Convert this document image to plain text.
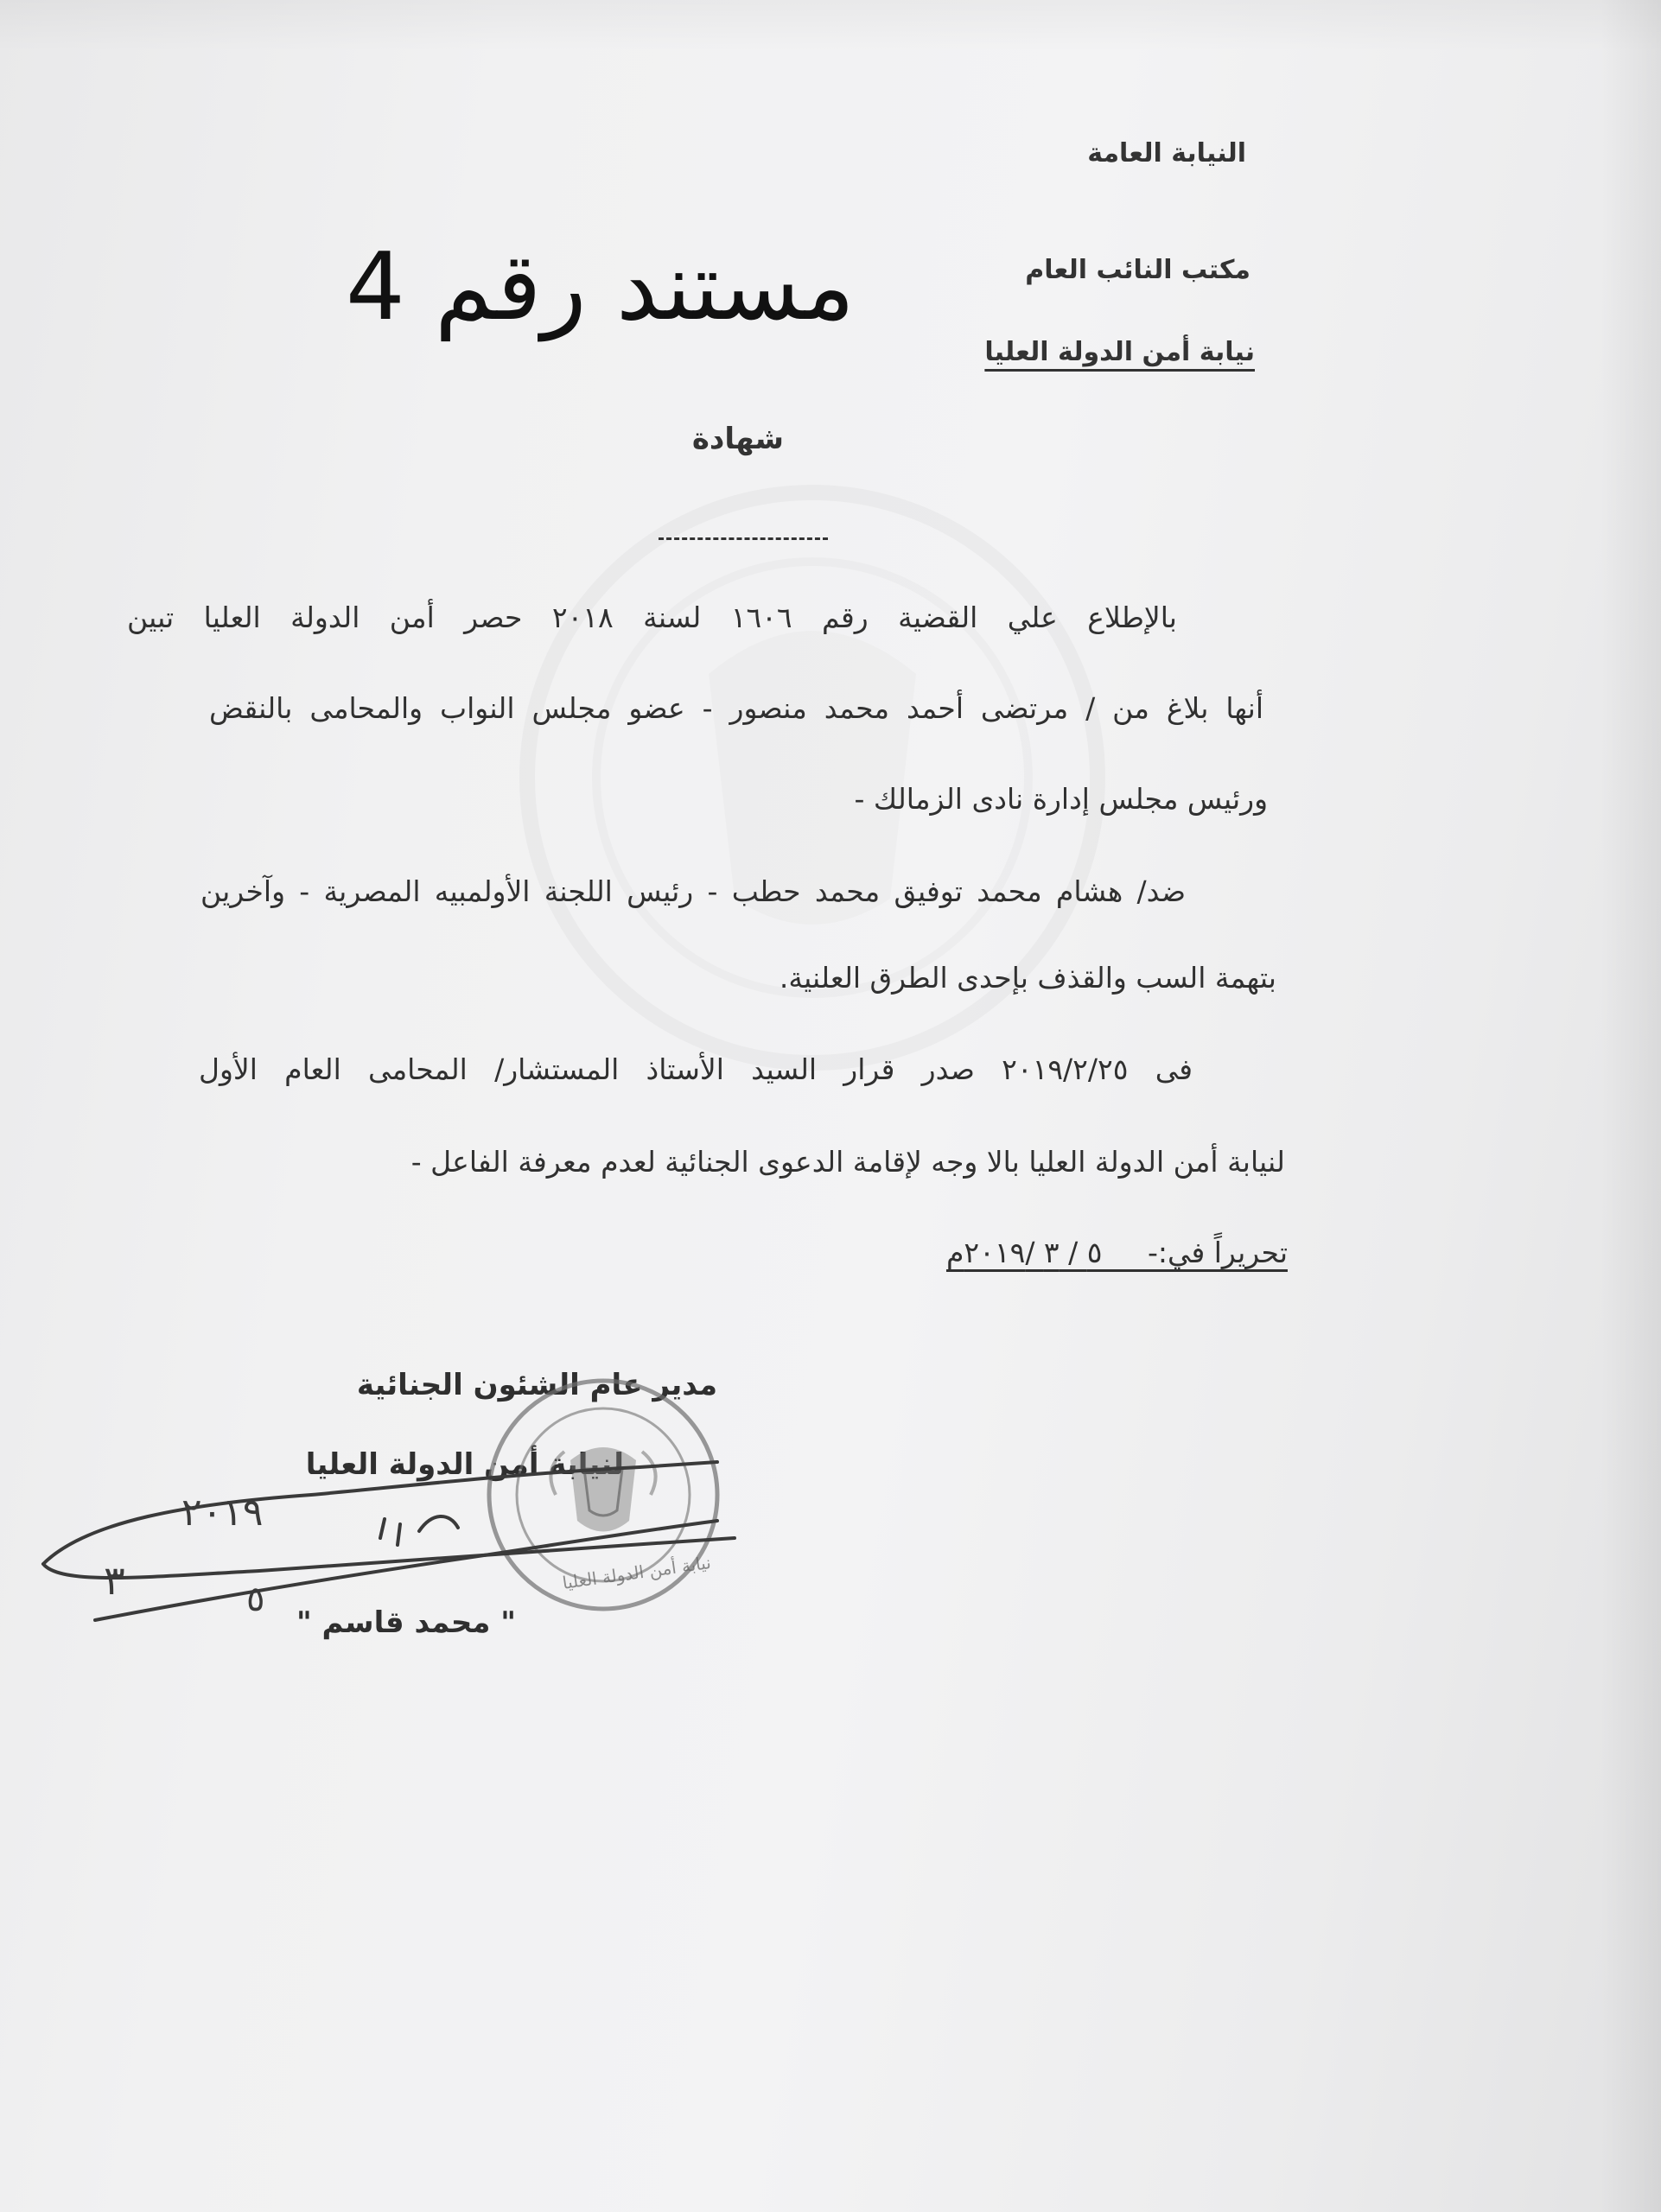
النيابة العامة
مكتب النائب العام
نيابة أمن الدولة العليا
مستند رقم 4
شهادة
بالإطلاع علي القضية رقم ١٦٠٦ لسنة ٢٠١٨ حصر أمن الدولة العليا تبين
أنها بلاغ من / مرتضى أحمد محمد منصور - عضو مجلس النواب والمحامى بالنقض
ورئيس مجلس إدارة نادى الزمالك -
ضد/ هشام محمد توفيق محمد حطب - رئيس اللجنة الأولمبيه المصرية - وآخرين
بتهمة السب والقذف بإحدى الطرق العلنية.
فى ٢٠١٩/٢/٢٥ صدر قرار السيد الأستاذ المستشار/ المحامى العام الأول
لنيابة أمن الدولة العليا بالا وجه لإقامة الدعوى الجنائية لعدم معرفة الفاعل -
تحريراً في:-     ٥ / ٣ /٢٠١٩م
مدير عام الشئون الجنائية
لنيابة أمن الدولة العليا
" محمد قاسم "
نيابة أمن الدولة العليا
٢٠١٩
٣	٥
